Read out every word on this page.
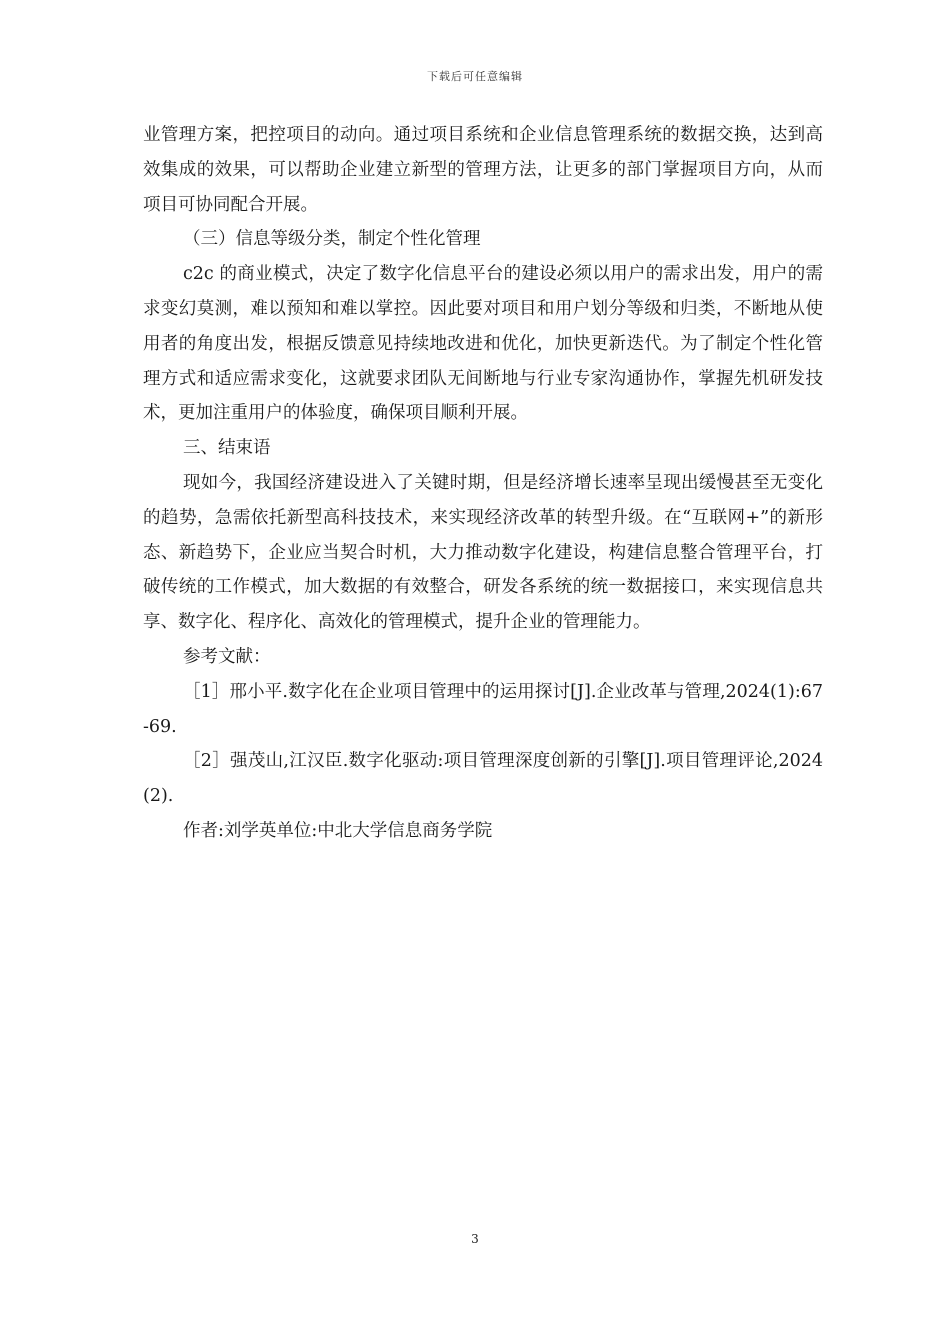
下载后可任意编辑

业管理方案，把控项目的动向。通过项目系统和企业信息管理系统的数据交换，达到高效集成的效果，可以帮助企业建立新型的管理方法，让更多的部门掌握项目方向，从而项目可协同配合开展。

（三）信息等级分类，制定个性化管理

c2c 的商业模式，决定了数字化信息平台的建设必须以用户的需求出发，用户的需求变幻莫测，难以预知和难以掌控。因此要对项目和用户划分等级和归类，不断地从使用者的角度出发，根据反馈意见持续地改进和优化，加快更新迭代。为了制定个性化管理方式和适应需求变化，这就要求团队无间断地与行业专家沟通协作，掌握先机研发技术，更加注重用户的体验度，确保项目顺利开展。

三、结束语

现如今，我国经济建设进入了关键时期，但是经济增长速率呈现出缓慢甚至无变化的趋势，急需依托新型高科技技术，来实现经济改革的转型升级。在“互联网+”的新形态、新趋势下，企业应当契合时机，大力推动数字化建设，构建信息整合管理平台，打破传统的工作模式，加大数据的有效整合，研发各系统的统一数据接口，来实现信息共享、数字化、程序化、高效化的管理模式，提升企业的管理能力。

参考文献：

［1］邢小平.数字化在企业项目管理中的运用探讨[J].企业改革与管理,2024(1):67-69.

［2］强茂山,江汉臣.数字化驱动:项目管理深度创新的引擎[J].项目管理评论,2024(2).

作者:刘学英单位:中北大学信息商务学院

3
